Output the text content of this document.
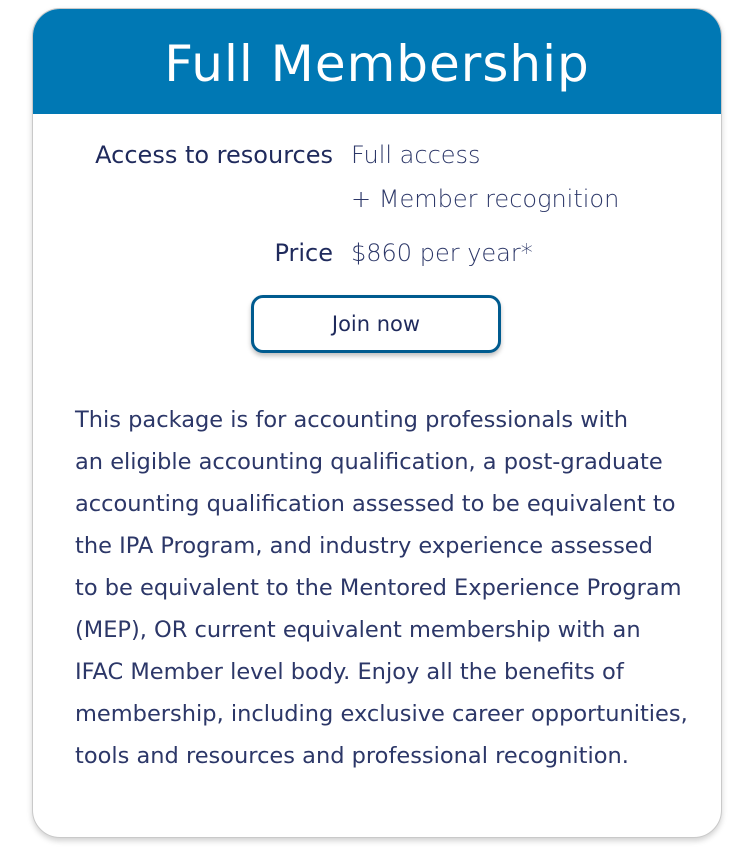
Full Membership
Access to resources Full access
+ Member recognition
Price $860 per year*
Join now

This package is for accounting professionals with
an eligible accounting qualification, a post-graduate
accounting qualification assessed to be equivalent to
the IPA Program, and industry experience assessed
to be equivalent to the Mentored Experience Program
(MEP), OR current equivalent membership with an
IFAC Member level body. Enjoy all the benefits of
membership, including exclusive career opportunities,
tools and resources and professional recognition.
